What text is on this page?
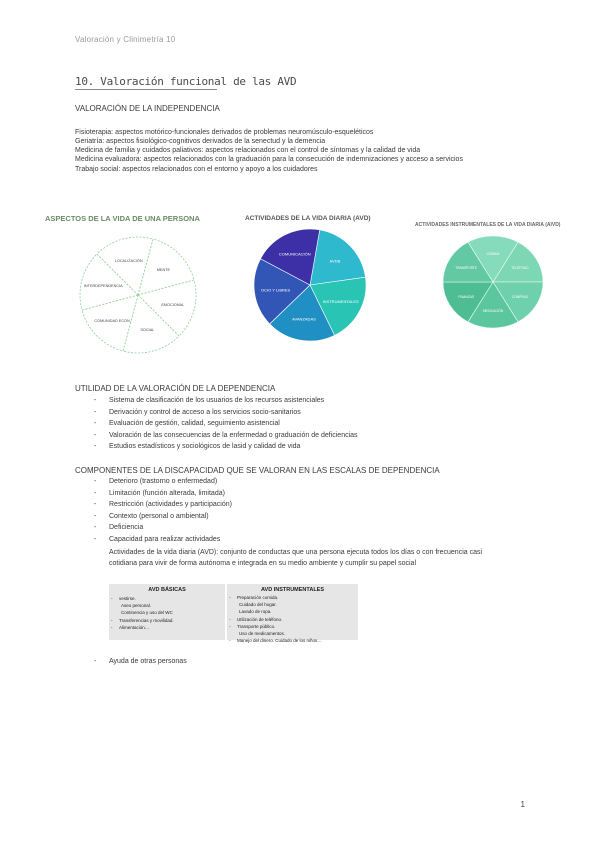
Valoración y Clinimetría 10
10. Valoración funcional de las AVD
VALORACIÓN DE LA INDEPENDENCIA
Fisioterapia: aspectos motórico-funcionales derivados de problemas neuromúsculo-esqueléticos
Geriatría: aspectos fisiológico-cognitivos derivados de la senectud y la demencia
Medicina de familia y cuidados paliativos: aspectos relacionados con el control de síntomas y la calidad de vida
Medicina evaluadora: aspectos relacionados con la graduación para la consecución de indemnizaciones y acceso a servicios
Trabajo social: aspectos relacionados con el entorno y apoyo a los cuidadores
ASPECTOS DE LA VIDA DE UNA PERSONA	ACTIVIDADES DE LA VIDA DIARIA (AVD)
ACTIVIDADES INSTRUMENTALES DE LA VIDA DIARIA (AIVD)
MENTE
EMOCIONAL
SOCIAL
COMUNIDAD ECON.
INTERDEPENDENCIA
LOCALIZACIÓN	AVDB
INSTRUMENTALES
AVANZADAS
OCIO Y LIBRES
COMUNICACIÓN
TELÉFONO
COMPRAS
MEDICACIÓN
FINANZAS
TRANSPORTE
COMIDA
UTILIDAD DE LA VALORACIÓN DE LA DEPENDENCIA
- Sistema de clasificación de los usuarios de los recursos asistenciales
- Derivación y control de acceso a los servicios socio-sanitarios
- Evaluación de gestión, calidad, seguimiento asistencial
- Valoración de las consecuencias de la enfermedad o graduación de deficiencias
- Estudios estadísticos y sociológicos de lasid y calidad de vida
COMPONENTES DE LA DISCAPACIDAD QUE SE VALORAN EN LAS ESCALAS DE DEPENDENCIA
- Deterioro (trastorno o enfermedad)
- Limitación (función alterada, limitada)
- Restricción (actividades y participación)
- Contexto (personal o ambiental)
- Deficiencia
- Capacidad para realizar actividades
Actividades de la vida diaria (AVD): conjunto de conductas que una persona ejecuta todos los días o con frecuencia casi cotidiana para vivir de forma autónoma e integrada en su medio ambiente y cumplir su papel social
AVD BÁSICAS
- vestirse.
Aseo personal.
Continencia y uso del WC
- Transferencias y movilidad.
- Alimentación…
AVD INSTRUMENTALES
- Preparación comida.
Cuidado del hogar.
Lavado de ropa.
- Utilización de teléfono.
- Transporte público.
Uso de medicamentos.
- Manejo del dinero. Cuidado de los niños…
- Ayuda de otras personas
1
